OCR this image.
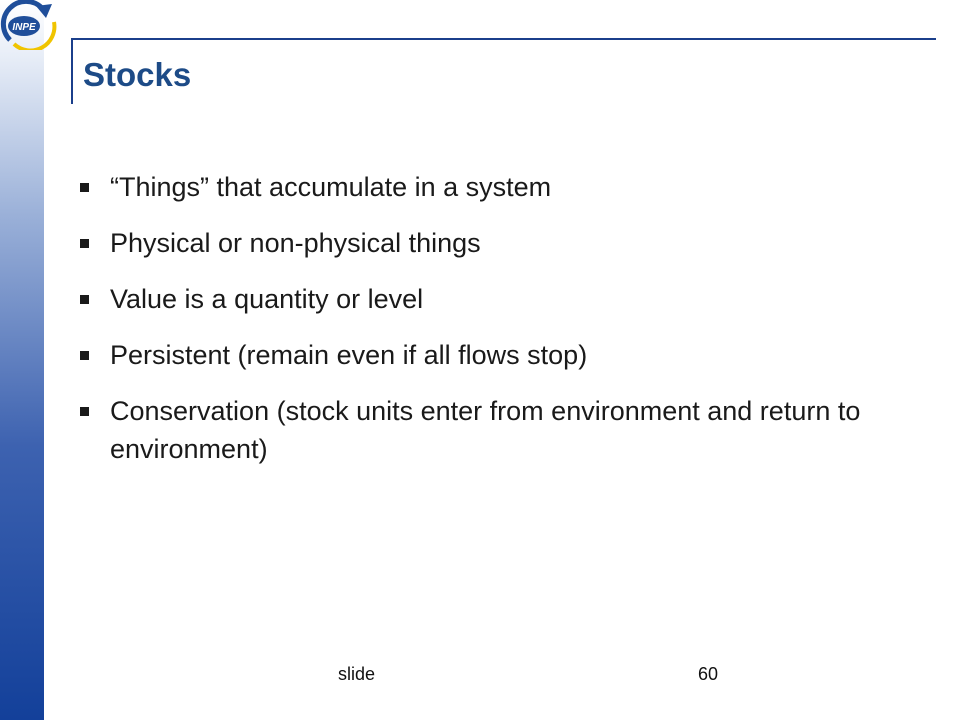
INPE
Stocks
“Things” that accumulate in a system
Physical or non-physical things
Value is a quantity or level
Persistent (remain even if all flows stop)
Conservation (stock units enter from environment and return to environment)
slide	60
